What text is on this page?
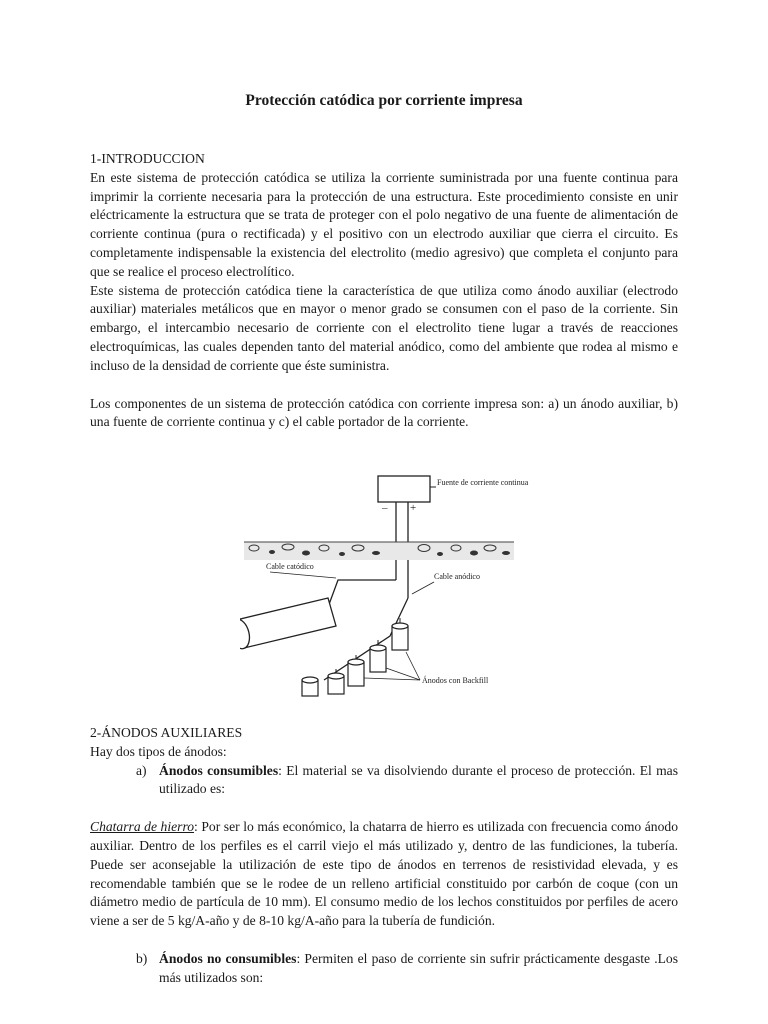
Protección catódica por corriente impresa

1-INTRODUCCION

En este sistema de protección catódica se utiliza la corriente suministrada por una fuente continua para imprimir la corriente necesaria para la protección de una estructura. Este procedimiento consiste en unir eléctricamente la estructura que se trata de proteger con el polo negativo de una fuente de alimentación de corriente continua (pura o rectificada) y el positivo con un electrodo auxiliar que cierra el circuito. Es completamente indispensable la existencia del electrolito (medio agresivo) que completa el conjunto para que se realice el proceso electrolítico.

Este sistema de protección catódica tiene la característica de que utiliza como ánodo auxiliar (electrodo auxiliar) materiales metálicos que en mayor o menor grado se consumen con el paso de la corriente. Sin embargo, el intercambio necesario de corriente con el electrolito tiene lugar a través de reacciones electroquímicas, las cuales dependen tanto del material anódico, como del ambiente que rodea al mismo e incluso de la densidad de corriente que éste suministra.

Los componentes de un sistema de protección catódica con corriente impresa son: a) un ánodo auxiliar, b) una fuente de corriente continua y c) el cable portador de la corriente.

Fuente de corriente continua
– +
Cable catódico
Cable anódico
Ánodos con Backfill

2-ÁNODOS AUXILIARES

Hay dos tipos de ánodos:

a) Ánodos consumibles: El material se va disolviendo durante el proceso de protección. El mas utilizado es:

Chatarra de hierro: Por ser lo más económico, la chatarra de hierro es utilizada con frecuencia como ánodo auxiliar. Dentro de los perfiles es el carril viejo el más utilizado y, dentro de las fundiciones, la tubería. Puede ser aconsejable la utilización de este tipo de ánodos en terrenos de resistividad elevada, y es recomendable también que se le rodee de un relleno artificial constituido por carbón de coque (con un diámetro medio de partícula de 10 mm). El consumo medio de los lechos constituidos por perfiles de acero viene a ser de 5 kg/A-año y de 8-10 kg/A-año para la tubería de fundición.

b) Ánodos no consumibles: Permiten el paso de corriente sin sufrir prácticamente desgaste .Los más utilizados son:
